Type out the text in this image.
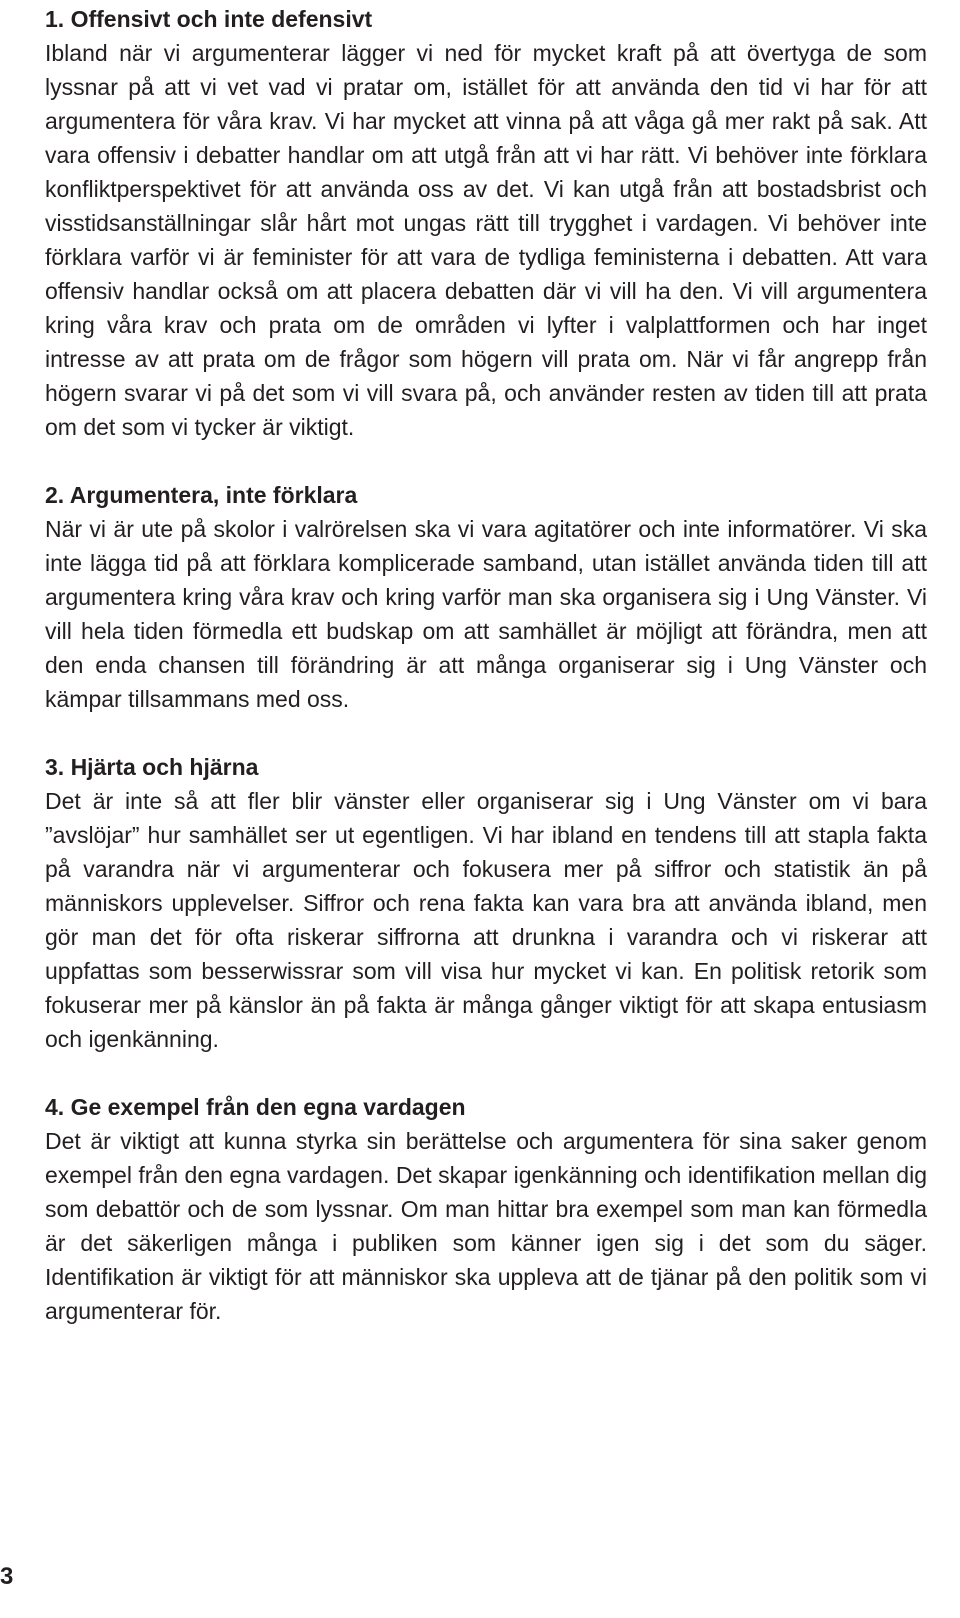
1. Offensivt och inte defensivt

Ibland när vi argumenterar lägger vi ned för mycket kraft på att övertyga de som lyssnar på att vi vet vad vi pratar om, istället för att använda den tid vi har för att argumentera för våra krav. Vi har mycket att vinna på att våga gå mer rakt på sak. Att vara offensiv i debatter handlar om att utgå från att vi har rätt. Vi behöver inte förklara konfliktperspektivet för att använda oss av det. Vi kan utgå från att bostadsbrist och visstidsanställningar slår hårt mot ungas rätt till trygghet i vardagen. Vi behöver inte förklara varför vi är feminister för att vara de tydliga feministerna i debatten. Att vara offensiv handlar också om att placera debatten där vi vill ha den. Vi vill argumentera kring våra krav och prata om de områden vi lyfter i valplattformen och har inget intresse av att prata om de frågor som högern vill prata om. När vi får angrepp från högern svarar vi på det som vi vill svara på, och använder resten av tiden till att prata om det som vi tycker är viktigt.

2. Argumentera, inte förklara

När vi är ute på skolor i valrörelsen ska vi vara agitatörer och inte informatörer. Vi ska inte lägga tid på att förklara komplicerade samband, utan istället använda tiden till att argumentera kring våra krav och kring varför man ska organisera sig i Ung Vänster. Vi vill hela tiden förmedla ett budskap om att samhället är möjligt att förändra, men att den enda chansen till förändring är att många organiserar sig i Ung Vänster och kämpar tillsammans med oss.

3. Hjärta och hjärna

Det är inte så att fler blir vänster eller organiserar sig i Ung Vänster om vi bara ”avslöjar” hur samhället ser ut egentligen. Vi har ibland en tendens till att stapla fakta på varandra när vi argumenterar och fokusera mer på siffror och statistik än på människors upplevelser. Siffror och rena fakta kan vara bra att använda ibland, men gör man det för ofta riskerar siffrorna att drunkna i varandra och vi riskerar att uppfattas som besserwissrar som vill visa hur mycket vi kan. En politisk retorik som fokuserar mer på känslor än på fakta är många gånger viktigt för att skapa entusiasm och igenkänning.

4. Ge exempel från den egna vardagen

Det är viktigt att kunna styrka sin berättelse och argumentera för sina saker genom exempel från den egna vardagen. Det skapar igenkänning och identifikation mellan dig som debattör och de som lyssnar. Om man hittar bra exempel som man kan förmedla är det säkerligen många i publiken som känner igen sig i det som du säger. Identifikation är viktigt för att människor ska uppleva att de tjänar på den politik som vi argumenterar för.

3
